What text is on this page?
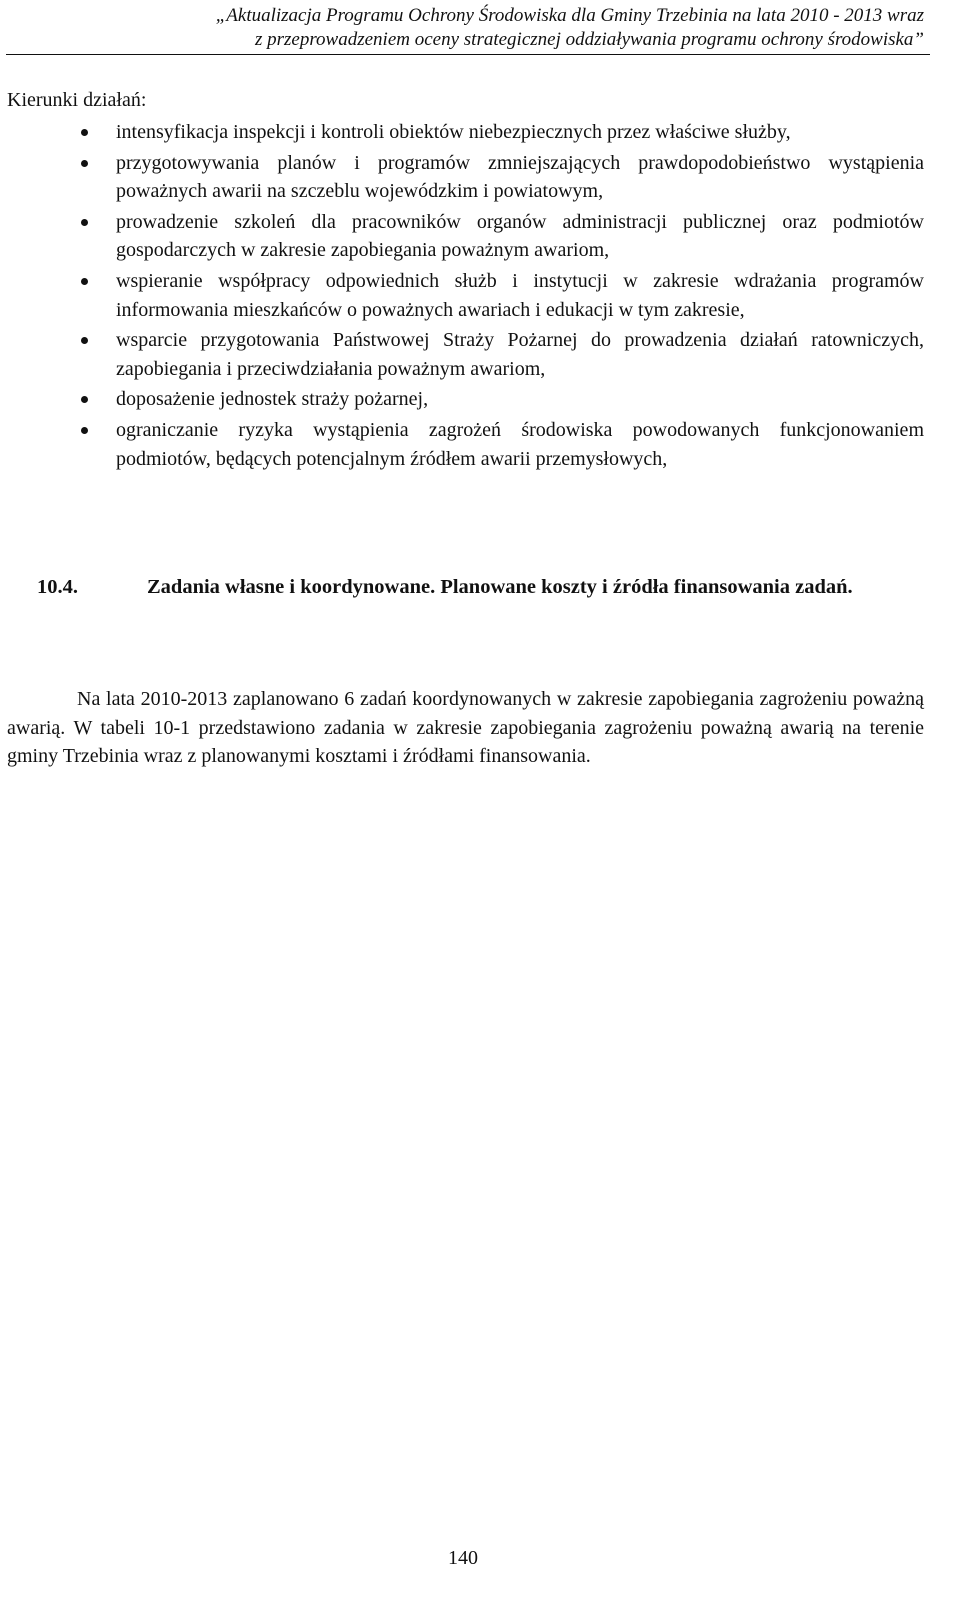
„Aktualizacja Programu Ochrony Środowiska dla Gminy Trzebinia na lata 2010 - 2013 wraz
z przeprowadzeniem oceny strategicznej oddziaływania programu ochrony środowiska”
Kierunki działań:
intensyfikacja inspekcji i kontroli obiektów niebezpiecznych przez właściwe służby,
przygotowywania planów i programów zmniejszających prawdopodobieństwo wystąpienia poważnych awarii na szczeblu wojewódzkim i powiatowym,
prowadzenie szkoleń dla pracowników organów administracji publicznej oraz podmiotów gospodarczych w zakresie zapobiegania poważnym awariom,
wspieranie współpracy odpowiednich służb i instytucji w zakresie wdrażania programów informowania mieszkańców o poważnych awariach i edukacji w tym zakresie,
wsparcie przygotowania Państwowej Straży Pożarnej do prowadzenia działań ratowniczych, zapobiegania i przeciwdziałania poważnym awariom,
doposażenie jednostek straży pożarnej,
ograniczanie ryzyka wystąpienia zagrożeń środowiska powodowanych funkcjonowaniem podmiotów, będących potencjalnym źródłem awarii przemysłowych,
10.4.	Zadania własne i koordynowane. Planowane koszty i źródła finansowania zadań.

Na lata 2010-2013 zaplanowano 6 zadań koordynowanych w zakresie zapobiegania zagrożeniu poważną awarią. W tabeli 10-1 przedstawiono zadania w zakresie zapobiegania zagrożeniu poważną awarią na terenie gminy Trzebinia wraz z planowanymi kosztami i źródłami finansowania.

140
